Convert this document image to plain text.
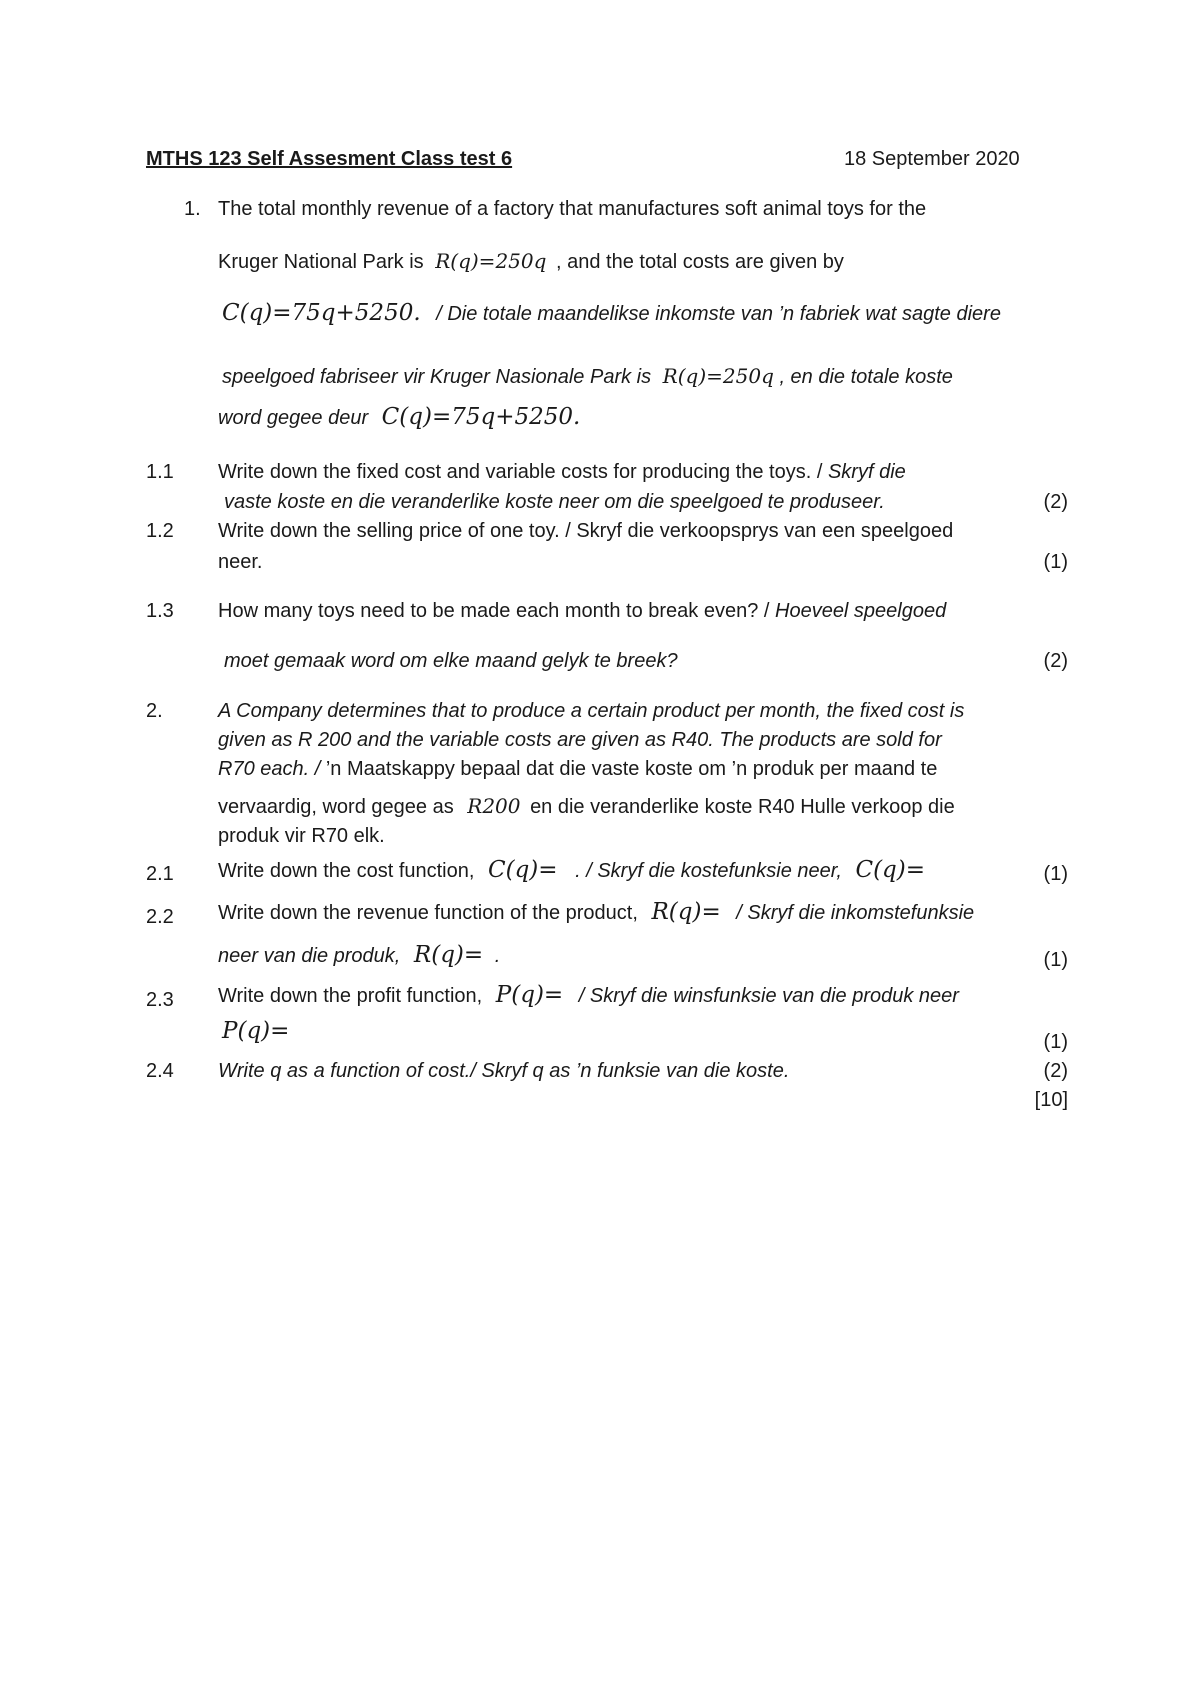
MTHS 123 Self Assesment Class test 6	18 September 2020
1. The total monthly revenue of a factory that manufactures soft animal toys for the
Kruger National Park is R(q)=250q , and the total costs are given by
C(q)=75q+5250. / Die totale maandelikse inkomste van ’n fabriek wat sagte diere
speelgoed fabriseer vir Kruger Nasionale Park is R(q)=250q , en die totale koste
word gegee deur C(q)=75q+5250.
1.1 Write down the fixed cost and variable costs for producing the toys. / Skryf die
vaste koste en die veranderlike koste neer om die speelgoed te produseer.	(2)
1.2 Write down the selling price of one toy. / Skryf die verkoopsprys van een speelgoed
neer.	(1)
1.3 How many toys need to be made each month to break even? / Hoeveel speelgoed
moet gemaak word om elke maand gelyk te breek?	(2)
2.	A Company determines that to produce a certain product per month, the fixed cost is
given as R 200 and the variable costs are given as R40. The products are sold for
R70 each. / ’n Maatskappy bepaal dat die vaste koste om ’n produk per maand te
vervaardig, word gegee as R200 en die veranderlike koste R40 Hulle verkoop die
produk vir R70 elk.
2.1 Write down the cost function, C(q)= . / Skryf die kostefunksie neer, C(q)=	(1)
2.2 Write down the revenue function of the product, R(q)= / Skryf die inkomstefunksie
neer van die produk, R(q)= .	(1)
2.3 Write down the profit function, P(q)= / Skryf die winsfunksie van die produk neer
P(q)=	(1)
2.4 Write q as a function of cost./ Skryf q as ’n funksie van die koste.	(2)
[10]
